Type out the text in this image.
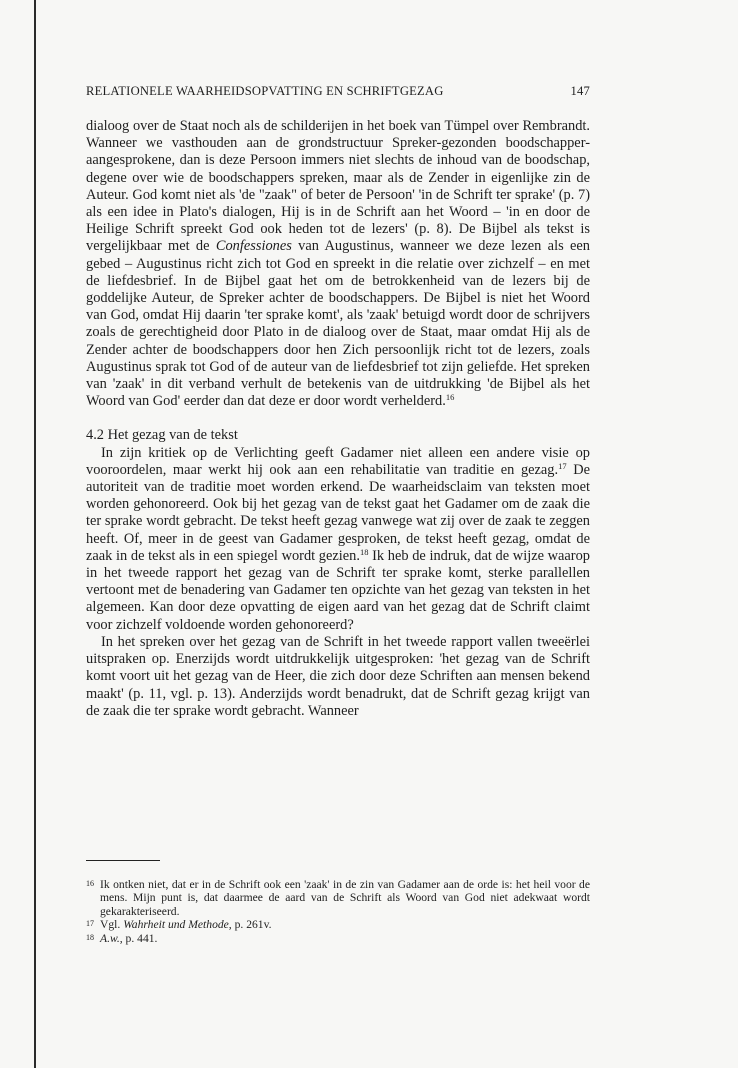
RELATIONELE WAARHEIDSOPVATTING EN SCHRIFTGEZAG	147

dialoog over de Staat noch als de schilderijen in het boek van Tümpel over Rembrandt. Wanneer we vasthouden aan de grondstructuur Spreker-gezonden boodschapper-aangesprokene, dan is deze Persoon immers niet slechts de inhoud van de boodschap, degene over wie de boodschappers spreken, maar als de Zender in eigenlijke zin de Auteur. God komt niet als 'de "zaak" of beter de Persoon' 'in de Schrift ter sprake' (p. 7) als een idee in Plato's dialogen, Hij is in de Schrift aan het Woord – 'in en door de Heilige Schrift spreekt God ook heden tot de lezers' (p. 8). De Bijbel als tekst is vergelijkbaar met de Confessiones van Augustinus, wanneer we deze lezen als een gebed – Augustinus richt zich tot God en spreekt in die relatie over zichzelf – en met de liefdesbrief. In de Bijbel gaat het om de betrokkenheid van de lezers bij de goddelijke Auteur, de Spreker achter de boodschappers. De Bijbel is niet het Woord van God, omdat Hij daarin 'ter sprake komt', als 'zaak' betuigd wordt door de schrijvers zoals de gerechtigheid door Plato in de dialoog over de Staat, maar omdat Hij als de Zender achter de boodschappers door hen Zich persoonlijk richt tot de lezers, zoals Augustinus sprak tot God of de auteur van de liefdesbrief tot zijn geliefde. Het spreken van 'zaak' in dit verband verhult de betekenis van de uitdrukking 'de Bijbel als het Woord van God' eerder dan dat deze er door wordt verhelderd.$^{16}$

4.2 Het gezag van de tekst

In zijn kritiek op de Verlichting geeft Gadamer niet alleen een andere visie op vooroordelen, maar werkt hij ook aan een rehabilitatie van traditie en gezag.$^{17}$ De autoriteit van de traditie moet worden erkend. De waarheidsclaim van teksten moet worden gehonoreerd. Ook bij het gezag van de tekst gaat het Gadamer om de zaak die ter sprake wordt gebracht. De tekst heeft gezag vanwege wat zij over de zaak te zeggen heeft. Of, meer in de geest van Gadamer gesproken, de tekst heeft gezag, omdat de zaak in de tekst als in een spiegel wordt gezien.$^{18}$ Ik heb de indruk, dat de wijze waarop in het tweede rapport het gezag van de Schrift ter sprake komt, sterke parallellen vertoont met de benadering van Gadamer ten opzichte van het gezag van teksten in het algemeen. Kan door deze opvatting de eigen aard van het gezag dat de Schrift claimt voor zichzelf voldoende worden gehonoreerd?

In het spreken over het gezag van de Schrift in het tweede rapport vallen tweeërlei uitspraken op. Enerzijds wordt uitdrukkelijk uitgesproken: 'het gezag van de Schrift komt voort uit het gezag van de Heer, die zich door deze Schriften aan mensen bekend maakt' (p. 11, vgl. p. 13). Anderzijds wordt benadrukt, dat de Schrift gezag krijgt van de zaak die ter sprake wordt gebracht. Wanneer

16 Ik ontken niet, dat er in de Schrift ook een 'zaak' in de zin van Gadamer aan de orde is: het heil voor de mens. Mijn punt is, dat daarmee de aard van de Schrift als Woord van God niet adekwaat wordt gekarakteriseerd.
17 Vgl. Wahrheit und Methode, p. 261v.
18 A.w., p. 441.
